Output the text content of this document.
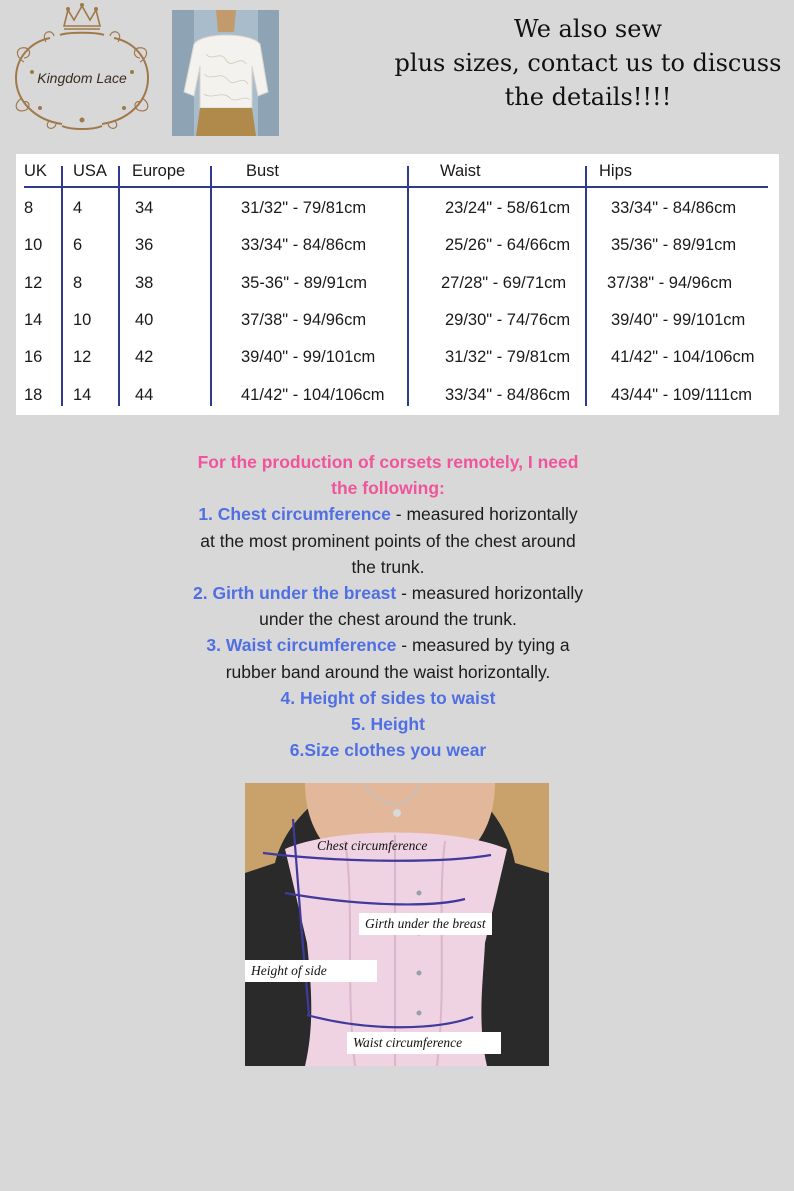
Kingdom Lace
We also sew
plus sizes, contact us to discuss
the details!!!!
UK USA Europe	Bust	Waist	Hips
8 4	34	31/32" - 79/81cm	23/24" - 58/61cm 33/34" - 84/86cm
10 6	36	33/34" - 84/86cm	25/26" - 64/66cm 35/36" - 89/91cm
12 8	38	35-36" - 89/91cm	27/28" - 69/71cm 37/38" - 94/96cm
14 10	40	37/38" - 94/96cm	29/30" - 74/76cm 39/40" - 99/101cm
16 12	42	39/40" - 99/101cm	31/32" - 79/81cm 41/42" - 104/106cm
18 14	44	41/42" - 104/106cm	33/34" - 84/86cm 43/44" - 109/111cm
For the production of corsets remotely, I need the following:
1. Chest circumference - measured horizontally at the most prominent points of the chest around the trunk.
2. Girth under the breast - measured horizontally under the chest around the trunk.
3. Waist circumference - measured by tying a rubber band around the waist horizontally.
4. Height of sides to waist
5. Height
6.Size clothes you wear
Chest circumference
Girth under the breast
Height of side
Waist circumference
